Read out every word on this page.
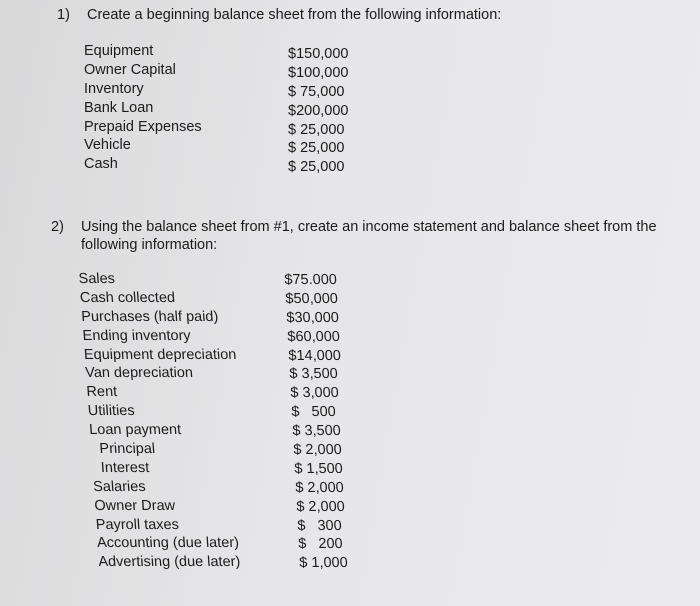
1) Create a beginning balance sheet from the following information:
Equipment
Owner Capital
Inventory
Bank Loan
Prepaid Expenses
Vehicle
Cash
$150,000
$100,000
$ 75,000
$200,000
$ 25,000
$ 25,000
$ 25,000
2) Using the balance sheet from #1, create an income statement and balance sheet from the following information:
Sales
Cash collected
Purchases (half paid)
Ending inventory
Equipment depreciation
Van depreciation
Rent
Utilities
Loan payment
Principal
Interest
Salaries
Owner Draw
Payroll taxes
Accounting (due later)
Advertising (due later)
$75.000
$50,000
$30,000
$60,000
$14,000
$ 3,500
$ 3,000
$   500
$ 3,500
$ 2,000
$ 1,500
$ 2,000
$ 2,000
$   300
$   200
$ 1,000
